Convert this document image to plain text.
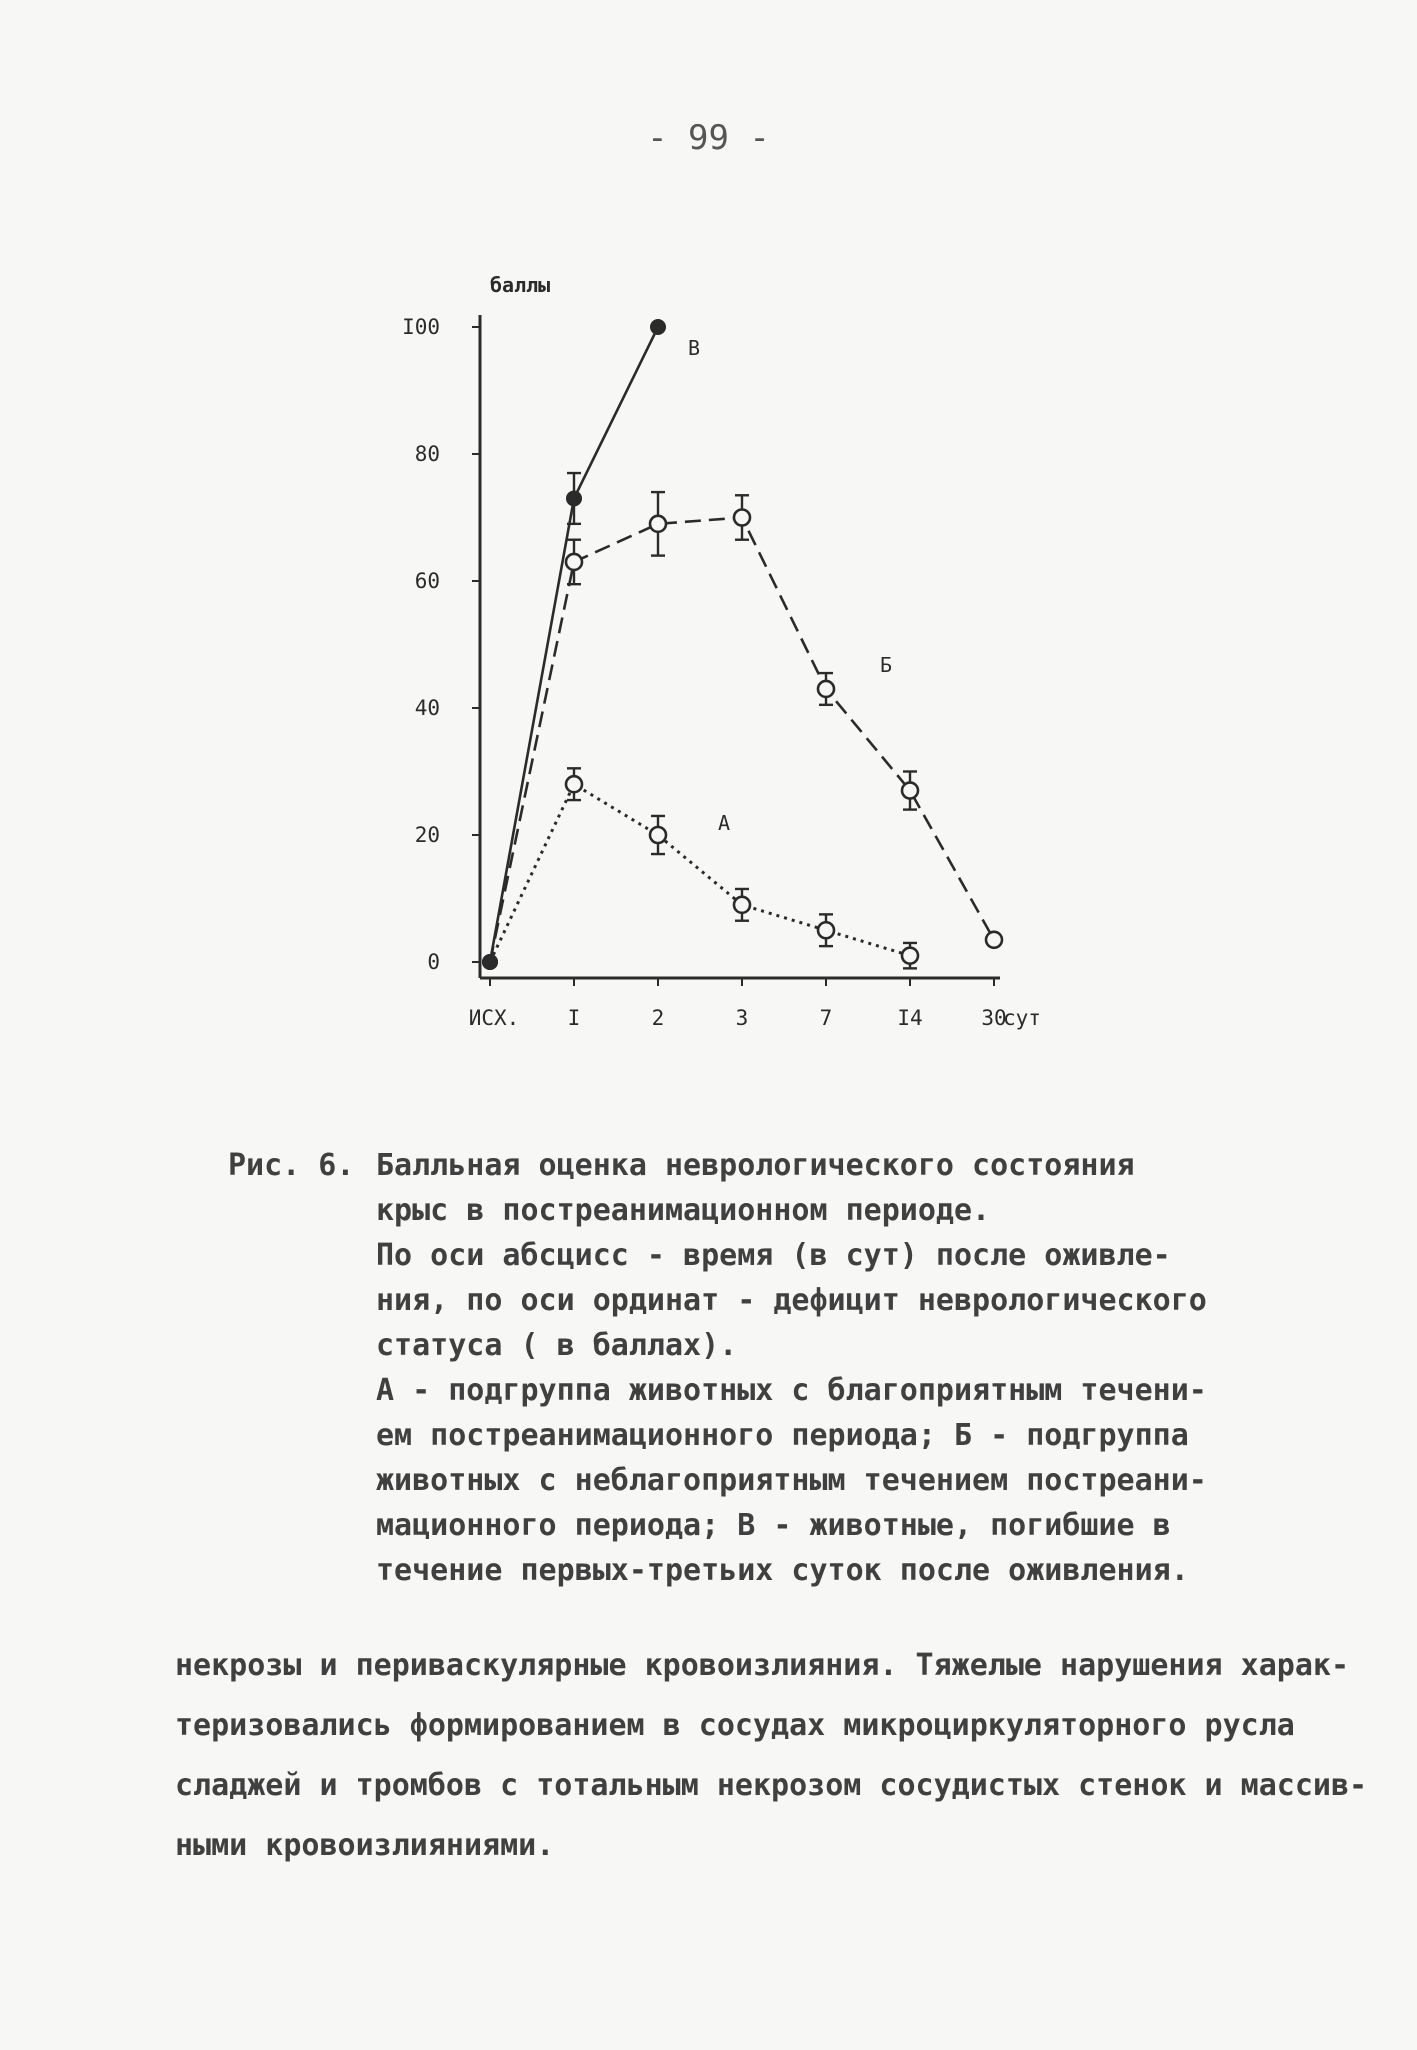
- 99 -
баллы
0
20
40
60
80
I00
ИСХ. I	2	3	7	I4	30
А
Б
В
сут
Рис. 6. Балльная оценка неврологического состояния
крыс в постреанимационном периоде.
По оси абсцисс - время (в сут) после оживле-
ния, по оси ординат - дефицит неврологического
статуса ( в баллах).
А - подгруппа животных с благоприятным течени-
ем постреанимационного периода; Б - подгруппа
животных с неблагоприятным течением постреани-
мационного периода; В - животные, погибшие в
течение первых-третьих суток после оживления.
некрозы и периваскулярные кровоизлияния. Тяжелые нарушения харак-
теризовались формированием в сосудах микроциркуляторного русла
сладжей и тромбов с тотальным некрозом сосудистых стенок и массив-
ными кровоизлияниями.
